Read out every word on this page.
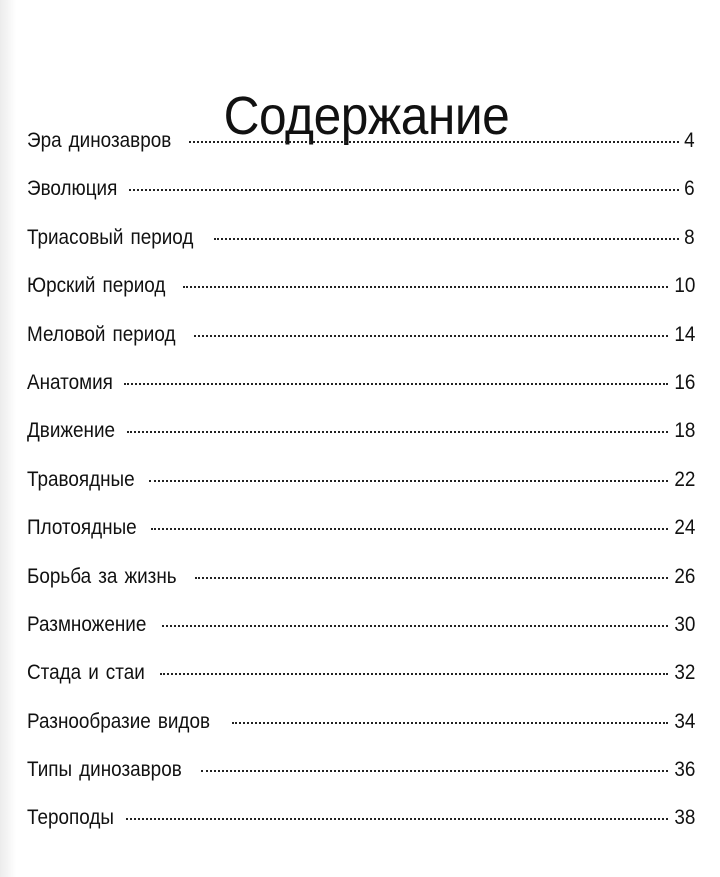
Содержание
Эра динозавров	4
Эволюция	6
Триасовый период	8
Юрский период	10
Меловой период	14
Анатомия	16
Движение	18
Травоядные	22
Плотоядные	24
Борьба за жизнь	26
Размножение	30
Стада и стаи	32
Разнообразие видов	34
Типы динозавров	36
Тероподы	38
